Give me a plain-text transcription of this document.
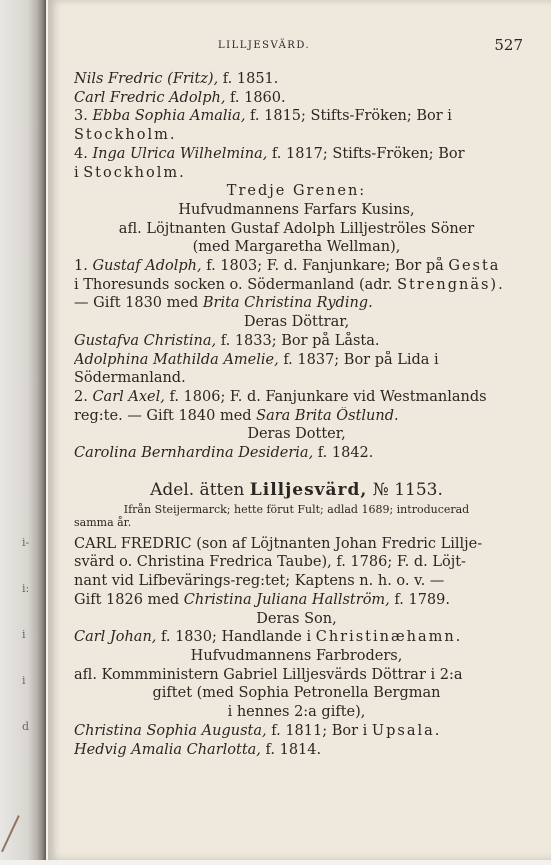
i-
i:
i
i
d
LILLJESVÄRD.	527
Nils Fredric (Fritz), f. 1851.
Carl Fredric Adolph, f. 1860.
3. Ebba Sophia Amalia, f. 1815; Stifts-Fröken; Bor i
Stockholm.
4. Inga Ulrica Wilhelmina, f. 1817; Stifts-Fröken; Bor
i Stockholm.
Tredje Grenen:
Hufvudmannens Farfars Kusins,
afl. Löjtnanten Gustaf Adolph Lilljeströles Söner
(med Margaretha Wellman),
1. Gustaf Adolph, f. 1803; F. d. Fanjunkare; Bor på Gesta
i Thoresunds socken o. Södermanland (adr. Strengnäs).
— Gift 1830 med Brita Christina Ryding.
Deras Döttrar,
Gustafva Christina, f. 1833; Bor på Låsta.
Adolphina Mathilda Amelie, f. 1837; Bor på Lida i
Södermanland.
2. Carl Axel, f. 1806; F. d. Fanjunkare vid Westmanlands
reg:te. — Gift 1840 med Sara Brita Östlund.
Deras Dotter,
Carolina Bernhardina Desideria, f. 1842.
Adel. ätten Lilljesvärd, № 1153.
Ifrån Steijermarck; hette förut Fult; adlad 1689; introducerad
samma år.
CARL FREDRIC (son af Löjtnanten Johan Fredric Lillje-
svärd o. Christina Fredrica Taube), f. 1786; F. d. Löjt-
nant vid Lifbevärings-reg:tet; Kaptens n. h. o. v. —
Gift 1826 med Christina Juliana Hallström, f. 1789.
Deras Son,
Carl Johan, f. 1830; Handlande i Christinæhamn.
Hufvudmannens Farbroders,
afl. Kommministern Gabriel Lilljesvärds Döttrar i 2:a
giftet (med Sophia Petronella Bergman
i hennes 2:a gifte),
Christina Sophia Augusta, f. 1811; Bor i Upsala.
Hedvig Amalia Charlotta, f. 1814.
